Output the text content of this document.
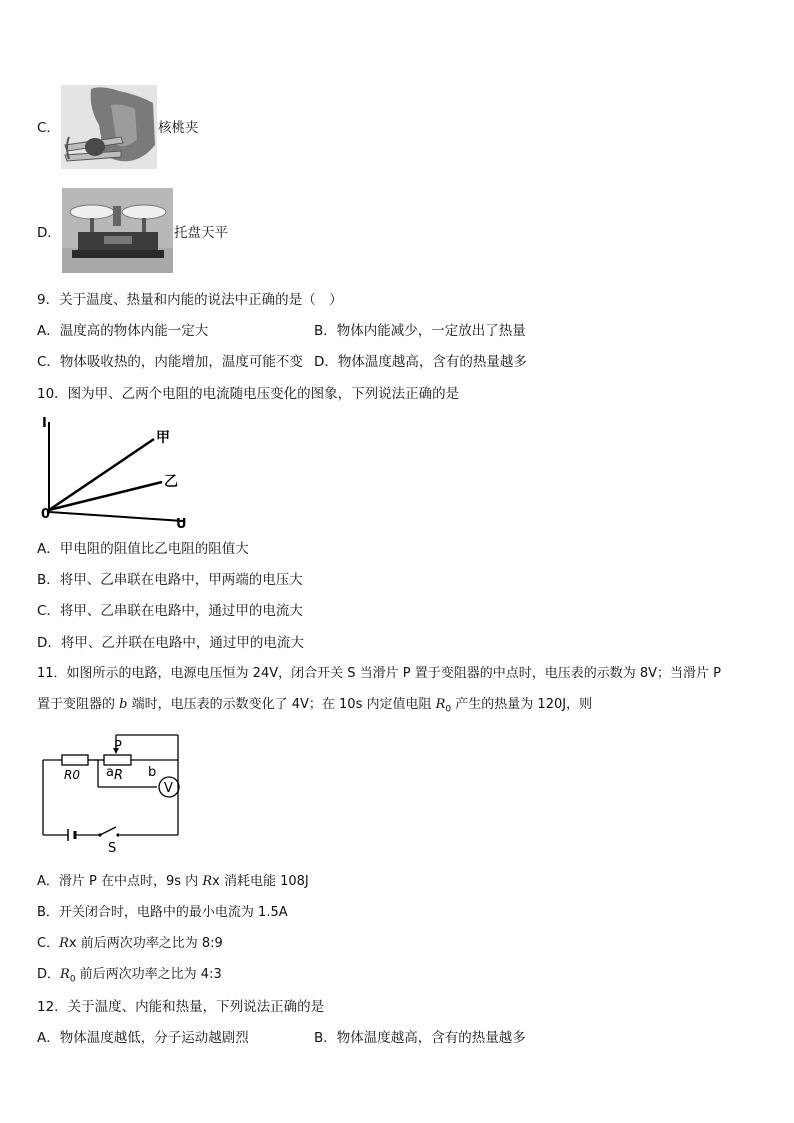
C．	核桃夹
D．	托盘天平
9．关于温度、热量和内能的说法中正确的是（　）
A．温度高的物体内能一定大	B．物体内能减少，一定放出了热量
C．物体吸收热的，内能增加，温度可能不变 D．物体温度越高，含有的热量越多
10．图为甲、乙两个电阻的电流随电压变化的图象，下列说法正确的是
I
U
0
甲
乙
A．甲电阻的阻值比乙电阻的阻值大
B．将甲、乙串联在电路中，甲两端的电压大
C．将甲、乙串联在电路中，通过甲的电流大
D．将甲、乙并联在电路中，通过甲的电流大
11．如图所示的电路，电源电压恒为 24V，闭合开关 S 当滑片 P 置于变阻器的中点时，电压表的示数为 8V；当滑片 P
置于变阻器的 b 端时，电压表的示数变化了 4V；在 10s 内定值电阻 $R_0$ 产生的热量为 120J，则
R0
P
R
a	b
V
S
A．滑片 P 在中点时，9s 内 Rx 消耗电能 108J
B．开关闭合时，电路中的最小电流为 1.5A
C．Rx 前后两次功率之比为 8:9
D．$R_0$ 前后两次功率之比为 4:3
12．关于温度、内能和热量，下列说法正确的是
A．物体温度越低，分子运动越剧烈	B．物体温度越高，含有的热量越多
